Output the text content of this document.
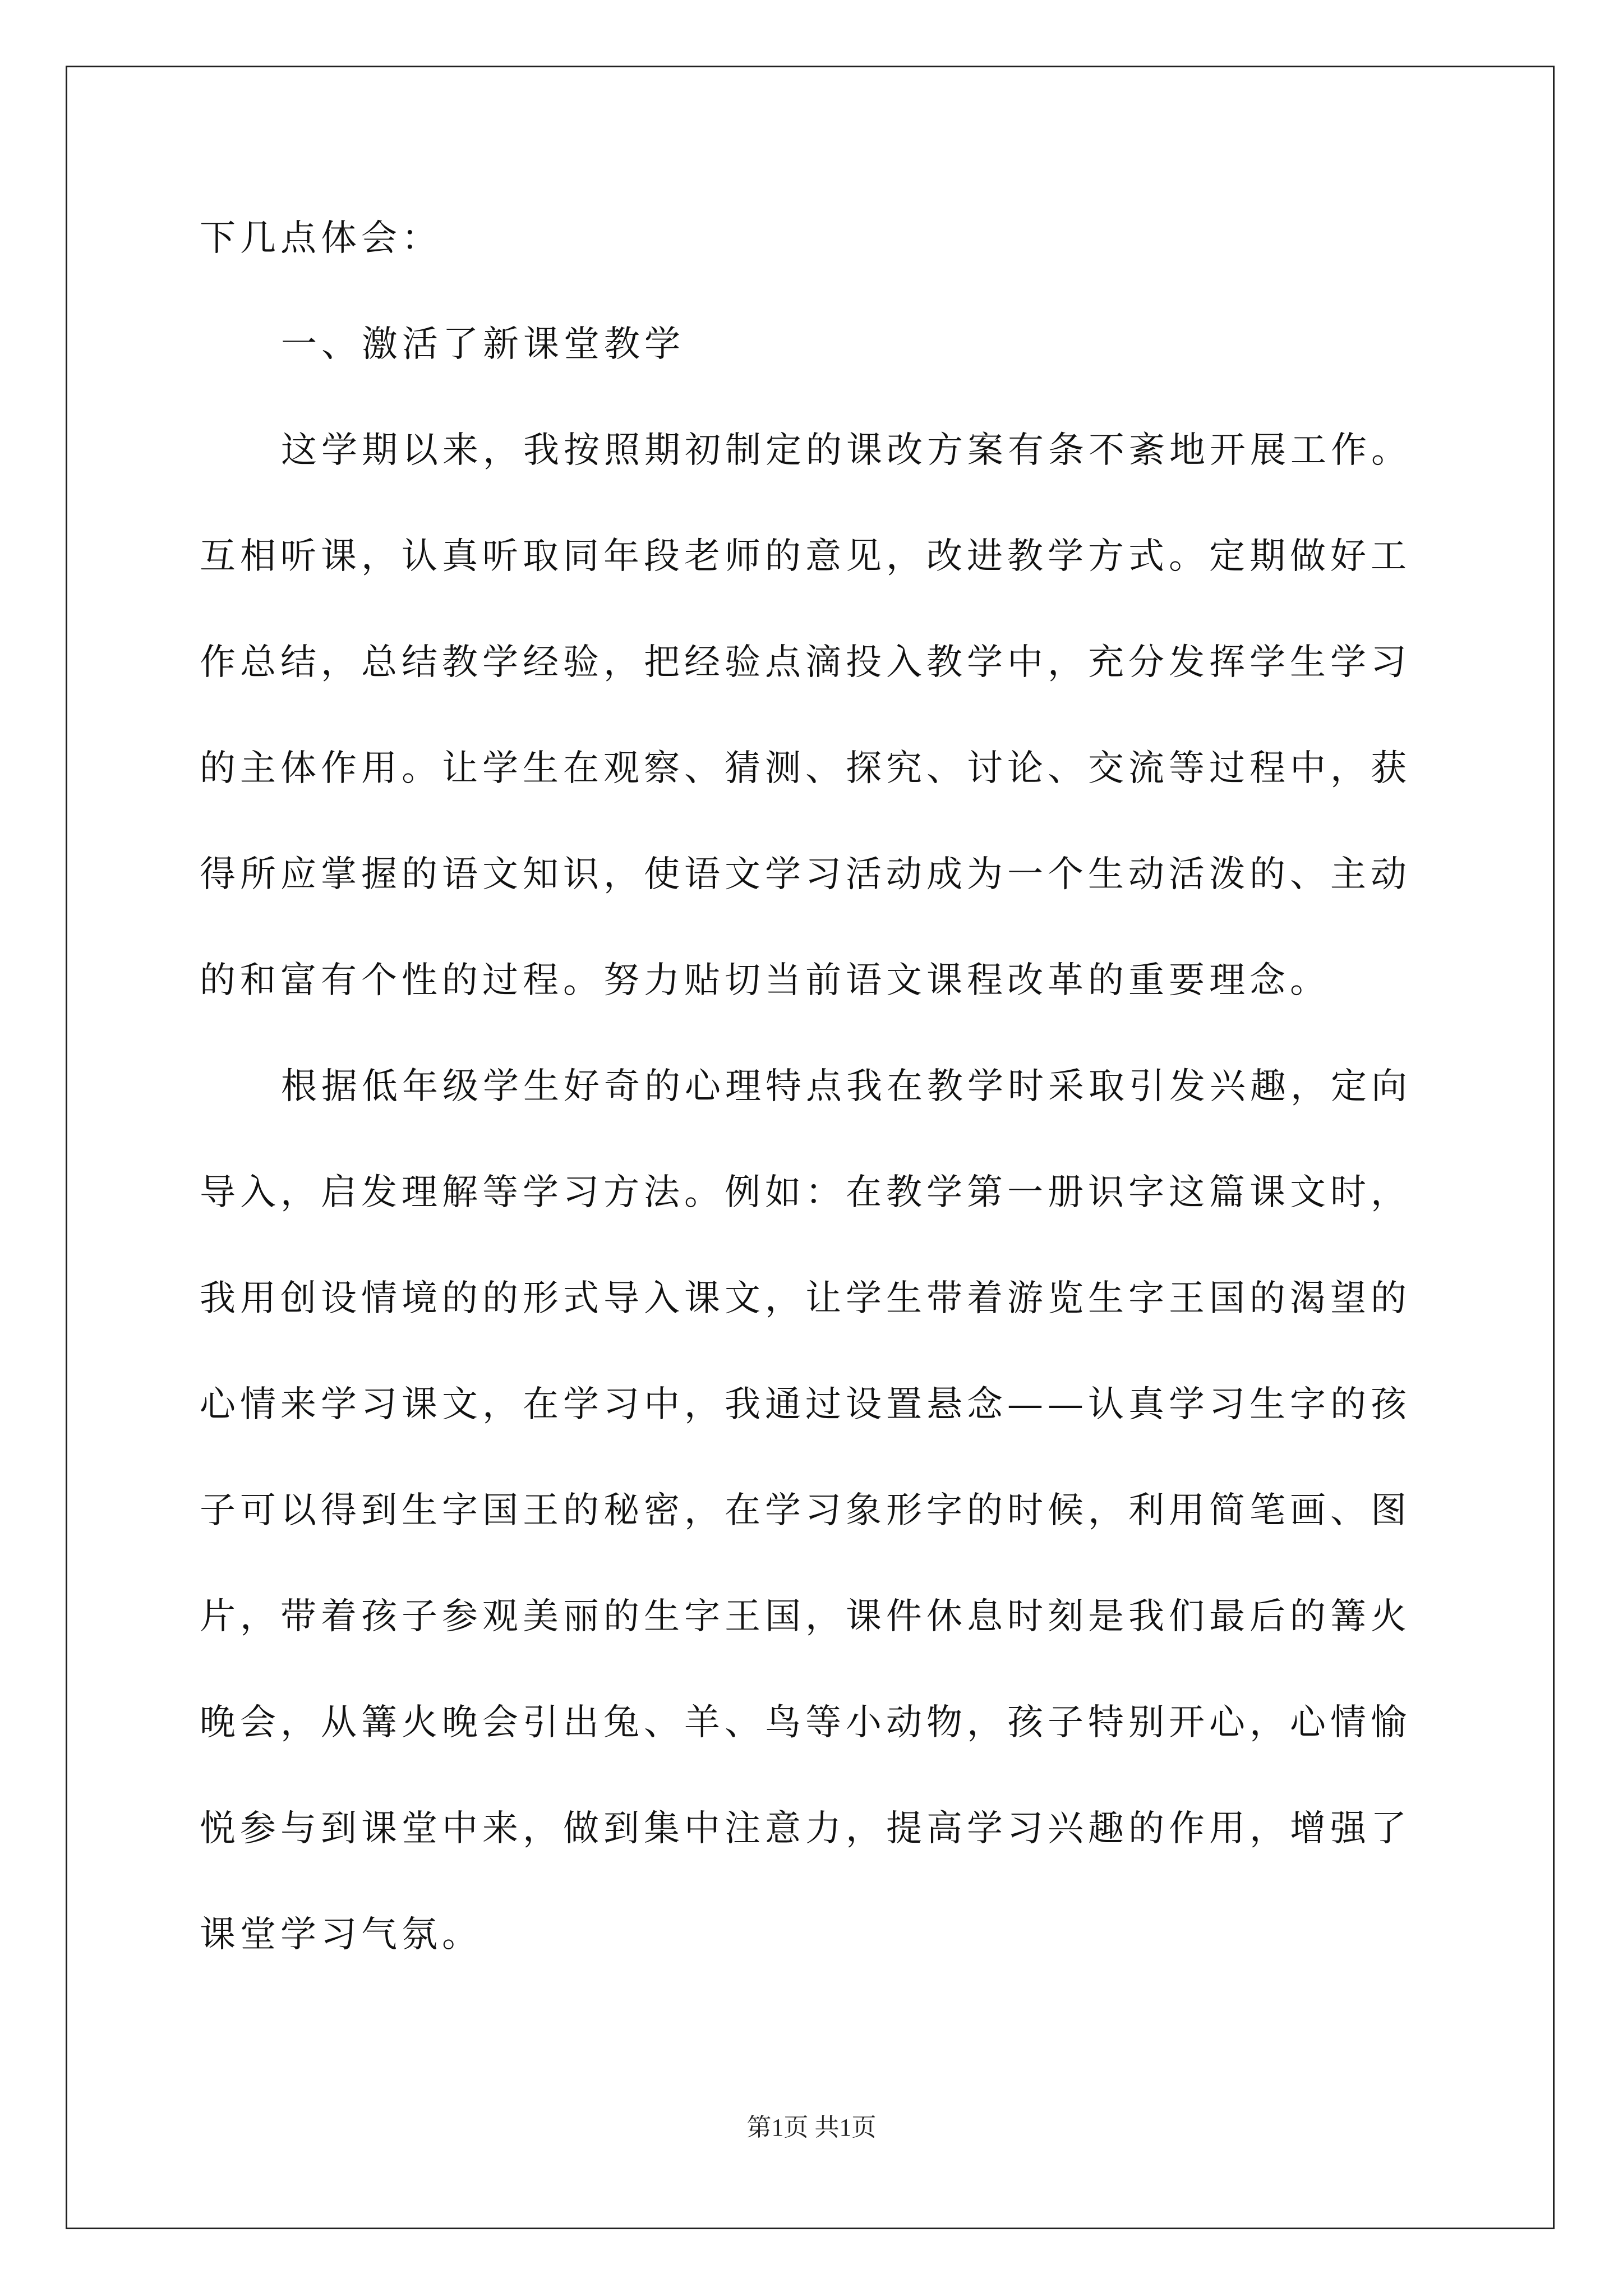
下几点体会：
一、激活了新课堂教学
这学期以来，我按照期初制定的课改方案有条不紊地开展工作。
互相听课，认真听取同年段老师的意见，改进教学方式。定期做好工
作总结，总结教学经验，把经验点滴投入教学中，充分发挥学生学习
的主体作用。让学生在观察、猜测、探究、讨论、交流等过程中，获
得所应掌握的语文知识，使语文学习活动成为一个生动活泼的、主动
的和富有个性的过程。努力贴切当前语文课程改革的重要理念。
根据低年级学生好奇的心理特点我在教学时采取引发兴趣，定向
导入，启发理解等学习方法。例如：在教学第一册识字这篇课文时，
我用创设情境的的形式导入课文，让学生带着游览生字王国的渴望的
心情来学习课文，在学习中，我通过设置悬念——认真学习生字的孩
子可以得到生字国王的秘密，在学习象形字的时候，利用简笔画、图
片，带着孩子参观美丽的生字王国，课件休息时刻是我们最后的篝火
晚会，从篝火晚会引出兔、羊、鸟等小动物，孩子特别开心，心情愉
悦参与到课堂中来，做到集中注意力，提高学习兴趣的作用，增强了
课堂学习气氛。
第1页 共1页
